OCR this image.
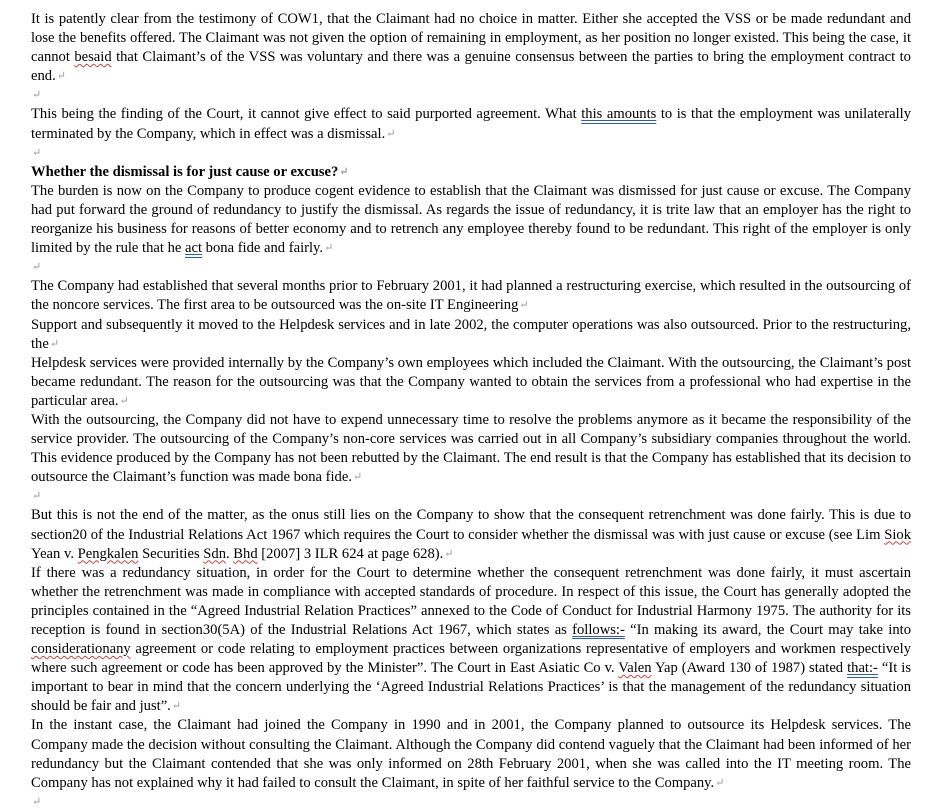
It is patently clear from the testimony of COW1, that the Claimant had no choice in matter. Either she accepted the VSS or be made redundant and lose the benefits offered. The Claimant was not given the option of remaining in employment, as her position no longer existed. This being the case, it cannot besaid that Claimant’s of the VSS was voluntary and there was a genuine consensus between the parties to bring the employment contract to end.↵

↵

This being the finding of the Court, it cannot give effect to said purported agreement. What this amounts to is that the employment was unilaterally terminated by the Company, which in effect was a dismissal.↵

↵

Whether the dismissal is for just cause or excuse?↵

The burden is now on the Company to produce cogent evidence to establish that the Claimant was dismissed for just cause or excuse. The Company had put forward the ground of redundancy to justify the dismissal. As regards the issue of redundancy, it is trite law that an employer has the right to reorganize his business for reasons of better economy and to retrench any employee thereby found to be redundant. This right of the employer is only limited by the rule that he act bona fide and fairly.↵

↵

The Company had established that several months prior to February 2001, it had planned a restructuring exercise, which resulted in the outsourcing of the noncore services. The first area to be outsourced was the on-site IT Engineering↵

Support and subsequently it moved to the Helpdesk services and in late 2002, the computer operations was also outsourced. Prior to the restructuring, the↵

Helpdesk services were provided internally by the Company’s own employees which included the Claimant. With the outsourcing, the Claimant’s post became redundant. The reason for the outsourcing was that the Company wanted to obtain the services from a professional who had expertise in the particular area.↵

With the outsourcing, the Company did not have to expend unnecessary time to resolve the problems anymore as it became the responsibility of the service provider. The outsourcing of the Company’s non-core services was carried out in all Company’s subsidiary companies throughout the world. This evidence produced by the Company has not been rebutted by the Claimant. The end result is that the Company has established that its decision to outsource the Claimant’s function was made bona fide.↵

↵

But this is not the end of the matter, as the onus still lies on the Company to show that the consequent retrenchment was done fairly. This is due to section20 of the Industrial Relations Act 1967 which requires the Court to consider whether the dismissal was with just cause or excuse (see Lim Siok Yean v. Pengkalen Securities Sdn. Bhd [2007] 3 ILR 624 at page 628).↵

If there was a redundancy situation, in order for the Court to determine whether the consequent retrenchment was done fairly, it must ascertain whether the retrenchment was made in compliance with accepted standards of procedure. In respect of this issue, the Court has generally adopted the principles contained in the “Agreed Industrial Relation Practices” annexed to the Code of Conduct for Industrial Harmony 1975. The authority for its reception is found in section30(5A) of the Industrial Relations Act 1967, which states as follows:- “In making its award, the Court may take into considerationany agreement or code relating to employment practices between organizations representative of employers and workmen respectively where such agreement or code has been approved by the Minister”. The Court in East Asiatic Co v. Valen Yap (Award 130 of 1987) stated that:- “It is important to bear in mind that the concern underlying the ‘Agreed Industrial Relations Practices’ is that the management of the redundancy situation should be fair and just”.↵

In the instant case, the Claimant had joined the Company in 1990 and in 2001, the Company planned to outsource its Helpdesk services. The Company made the decision without consulting the Claimant. Although the Company did contend vaguely that the Claimant had been informed of her redundancy but the Claimant contended that she was only informed on 28th February 2001, when she was called into the IT meeting room. The Company has not explained why it had failed to consult the Claimant, in spite of her faithful service to the Company.↵

↵
